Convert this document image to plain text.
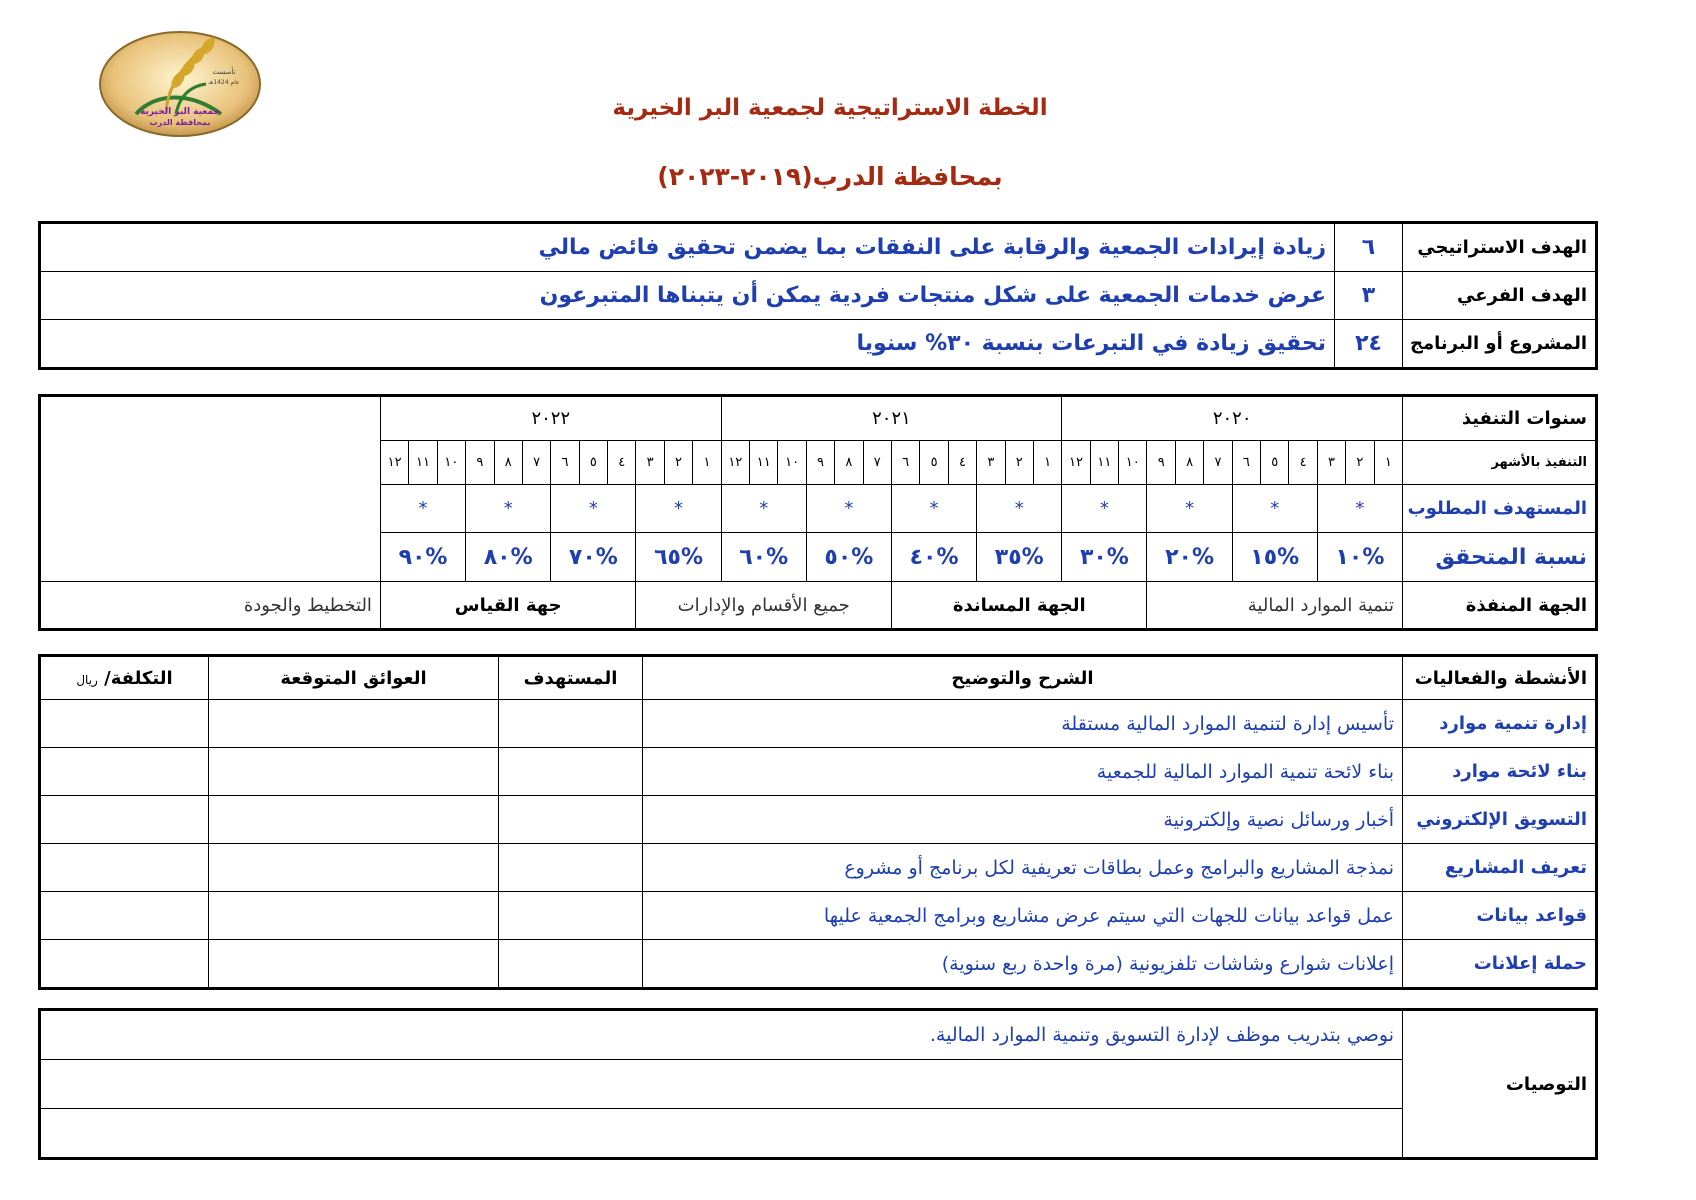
تأسست
عام 1424هـ
جمعية البر الخيرية
بمحافظة الدرب
الخطة الاستراتيجية لجمعية البر الخيرية
بمحافظة الدرب(٢٠١٩-٢٠٢٣)
الهدف الاستراتيجي	٦	زيادة إيرادات الجمعية والرقابة على النفقات بما يضمن تحقيق فائض مالي
الهدف الفرعي	٣	عرض خدمات الجمعية على شكل منتجات فردية يمكن أن يتبناها المتبرعون
المشروع أو البرنامج	٢٤	تحقيق زيادة في التبرعات بنسبة ٣٠% سنويا
سنوات التنفيذ	٢٠٢٠												٢٠٢١												٢٠٢٢												
التنفيذ بالأشهر	١	٢	٣	٤	٥	٦	٧	٨	٩	١٠	١١	١٢	١	٢	٣	٤	٥	٦	٧	٨	٩	١٠	١١	١٢	١	٢	٣	٤	٥	٦	٧	٨	٩	١٠	١١	١٢	
المستهدف المطلوب	*			*			*			*			*			*			*			*			*			*			*			*			
نسبة المتحقق	%١٠			%١٥			%٢٠			%٣٠			%٣٥			%٤٠			%٥٠			%٦٠			%٦٥			%٧٠			%٨٠			%٩٠			
الجهة المنفذة	تنمية الموارد المالية									الجهة المساندة									جميع الأقسام والإدارات									جهة القياس									التخطيط والجودة
الأنشطة والفعاليات	الشرح والتوضيح	المستهدف	العوائق المتوقعة	التكلفة/ ريال
إدارة تنمية موارد	تأسيس إدارة لتنمية الموارد المالية مستقلة			
بناء لائحة موارد	بناء لائحة تنمية الموارد المالية للجمعية			
التسويق الإلكتروني	أخبار ورسائل نصية وإلكترونية			
تعريف المشاريع	نمذجة المشاريع والبرامج وعمل بطاقات تعريفية لكل برنامج أو مشروع			
قواعد بيانات	عمل قواعد بيانات للجهات التي سيتم عرض مشاريع وبرامج الجمعية عليها			
حملة إعلانات	إعلانات شوارع وشاشات تلفزيونية (مرة واحدة ربع سنوية)			
التوصيات	نوصي بتدريب موظف لإدارة التسويق وتنمية الموارد المالية.
